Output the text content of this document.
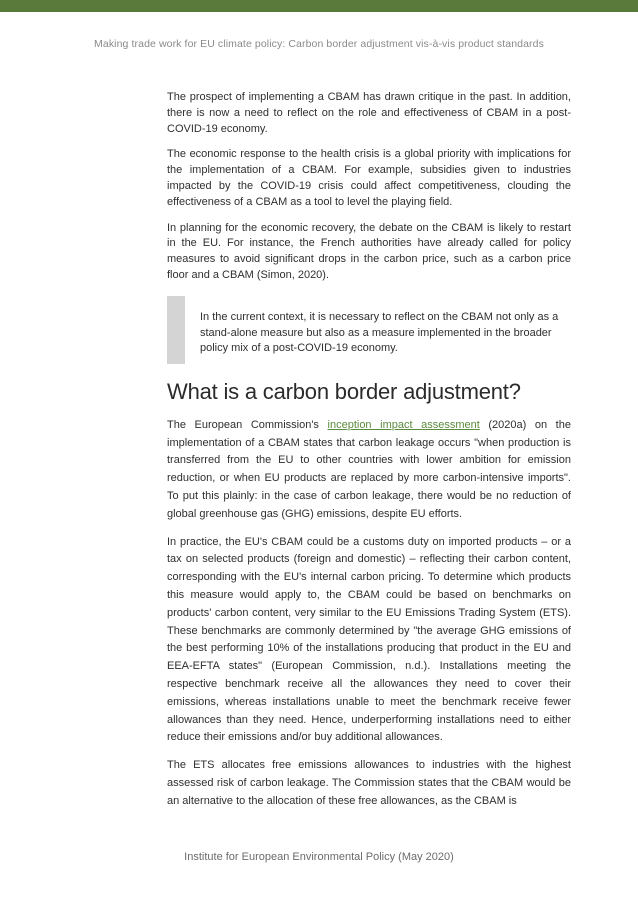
Making trade work for EU climate policy: Carbon border adjustment vis-à-vis product standards

The prospect of implementing a CBAM has drawn critique in the past. In addition, there is now a need to reflect on the role and effectiveness of CBAM in a post-COVID-19 economy.

The economic response to the health crisis is a global priority with implications for the implementation of a CBAM. For example, subsidies given to industries impacted by the COVID-19 crisis could affect competitiveness, clouding the effectiveness of a CBAM as a tool to level the playing field.

In planning for the economic recovery, the debate on the CBAM is likely to restart in the EU. For instance, the French authorities have already called for policy measures to avoid significant drops in the carbon price, such as a carbon price floor and a CBAM (Simon, 2020).

In the current context, it is necessary to reflect on the CBAM not only as a stand-alone measure but also as a measure implemented in the broader policy mix of a post-COVID-19 economy.

What is a carbon border adjustment?

The European Commission's inception impact assessment (2020a) on the implementation of a CBAM states that carbon leakage occurs "when production is transferred from the EU to other countries with lower ambition for emission reduction, or when EU products are replaced by more carbon-intensive imports". To put this plainly: in the case of carbon leakage, there would be no reduction of global greenhouse gas (GHG) emissions, despite EU efforts.

In practice, the EU's CBAM could be a customs duty on imported products – or a tax on selected products (foreign and domestic) – reflecting their carbon content, corresponding with the EU's internal carbon pricing. To determine which products this measure would apply to, the CBAM could be based on benchmarks on products' carbon content, very similar to the EU Emissions Trading System (ETS). These benchmarks are commonly determined by "the average GHG emissions of the best performing 10% of the installations producing that product in the EU and EEA-EFTA states" (European Commission, n.d.). Installations meeting the respective benchmark receive all the allowances they need to cover their emissions, whereas installations unable to meet the benchmark receive fewer allowances than they need. Hence, underperforming installations need to either reduce their emissions and/or buy additional allowances.

The ETS allocates free emissions allowances to industries with the highest assessed risk of carbon leakage. The Commission states that the CBAM would be an alternative to the allocation of these free allowances, as the CBAM is

Institute for European Environmental Policy (May 2020)
